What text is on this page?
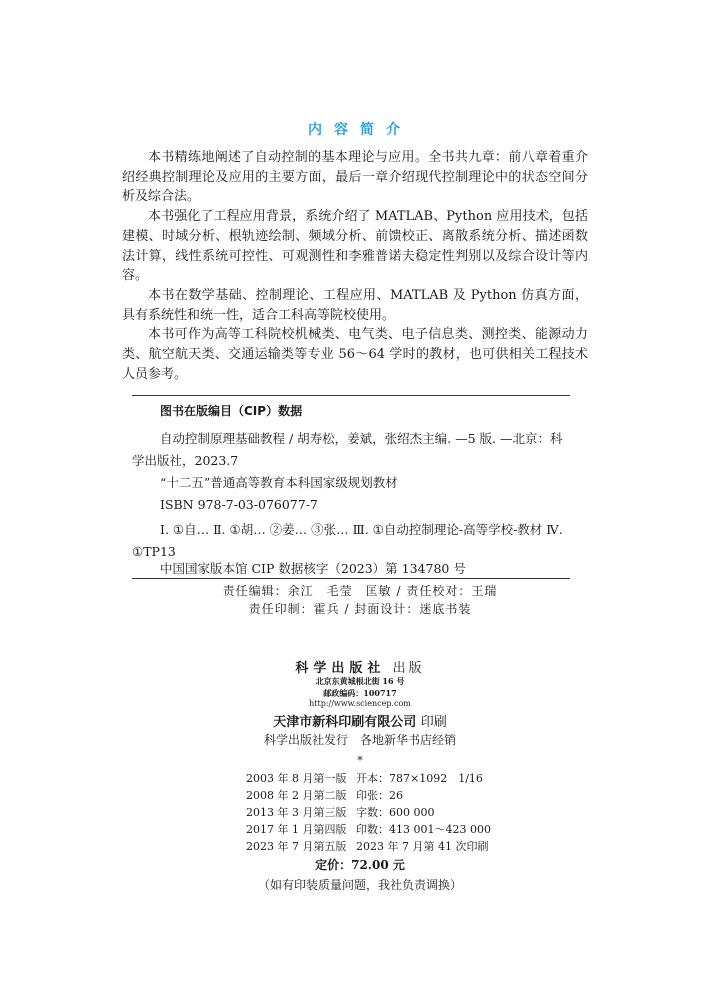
内容简介

本书精练地阐述了自动控制的基本理论与应用。全书共九章：前八章着重介绍经典控制理论及应用的主要方面，最后一章介绍现代控制理论中的状态空间分析及综合法。

本书强化了工程应用背景，系统介绍了 MATLAB、Python 应用技术，包括建模、时域分析、根轨迹绘制、频域分析、前馈校正、离散系统分析、描述函数法计算，线性系统可控性、可观测性和李雅普诺夫稳定性判别以及综合设计等内容。

本书在数学基础、控制理论、工程应用、MATLAB 及 Python 仿真方面，具有系统性和统一性，适合工科高等院校使用。

本书可作为高等工科院校机械类、电气类、电子信息类、测控类、能源动力类、航空航天类、交通运输类等专业 56～64 学时的教材，也可供相关工程技术人员参考。

图书在版编目（CIP）数据

自动控制原理基础教程 / 胡寿松，姜斌，张绍杰主编. —5 版. —北京：科学出版社，2023.7

“十二五”普通高等教育本科国家级规划教材

ISBN 978-7-03-076077-7

Ⅰ. ①自… Ⅱ. ①胡… ②姜… ③张… Ⅲ. ①自动控制理论-高等学校-教材 Ⅳ. ①TP13

中国国家版本馆 CIP 数据核字（2023）第 134780 号
责任编辑：余江　毛莹　匡敏 / 责任校对：王瑞
责任印制：霍兵 / 封面设计：迷底书装
科学出版社 出版
北京东黄城根北街 16 号
邮政编码：100717
http://www.sciencep.com
天津市新科印刷有限公司 印刷
科学出版社发行　各地新华书店经销
*
2003 年 8 月第一版 开本：787×1092　1/16
2008 年 2 月第二版 印张：26
2013 年 3 月第三版 字数：600 000
2017 年 1 月第四版 印数：413 001～423 000
2023 年 7 月第五版 2023 年 7 月第 41 次印刷
定价：72.00 元
（如有印装质量问题，我社负责调换）
